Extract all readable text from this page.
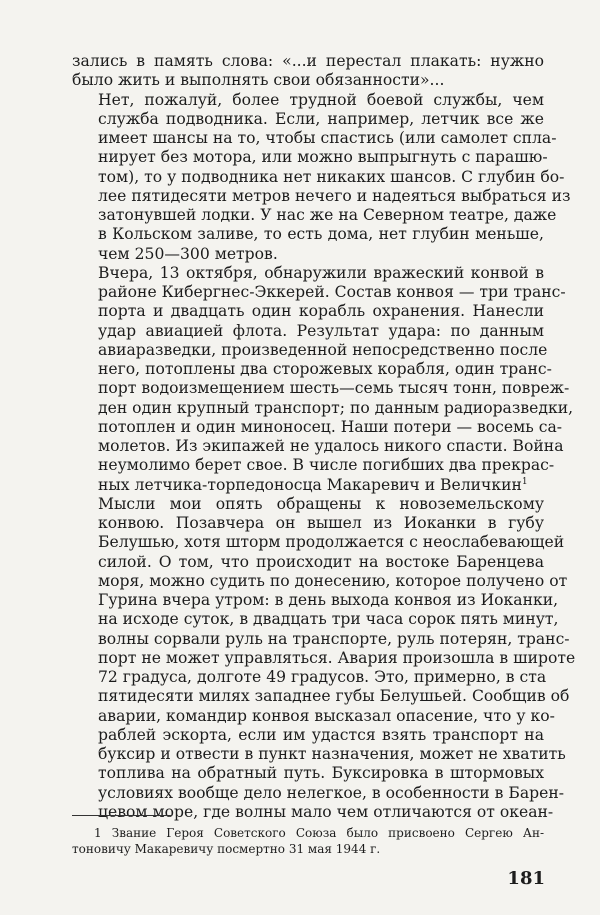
зались в память слова: «...и перестал плакать: нужно
было жить и выполнять свои обязанности»...

Нет, пожалуй, более трудной боевой службы, чем
служба подводника. Если, например, летчик все же
имеет шансы на то, чтобы спастись (или самолет спла-
нирует без мотора, или можно выпрыгнуть с парашю-
том), то у подводника нет никаких шансов. С глубин бо-
лее пятидесяти метров нечего и надеяться выбраться из
затонувшей лодки. У нас же на Северном театре, даже
в Кольском заливе, то есть дома, нет глубин меньше,
чем 250—300 метров.

Вчера, 13 октября, обнаружили вражеский конвой в
районе Кибергнес-Эккерей. Состав конвоя — три транс-
порта и двадцать один корабль охранения. Нанесли
удар авиацией флота. Результат удара: по данным
авиаразведки, произведенной непосредственно после
него, потоплены два сторожевых корабля, один транс-
порт водоизмещением шесть—семь тысяч тонн, повреж-
ден один крупный транспорт; по данным радиоразведки,
потоплен и один миноносец. Наши потери — восемь са-
молетов. Из экипажей не удалось никого спасти. Война
неумолимо берет свое. В числе погибших два прекрас-
ных летчика-торпедоносца Макаревич и Величкин$^1$

Мысли мои опять обращены к новоземельскому
конвою. Позавчера он вышел из Иоканки в губу
Белушью, хотя шторм продолжается с неослабевающей
силой. О том, что происходит на востоке Баренцева
моря, можно судить по донесению, которое получено от
Гурина вчера утром: в день выхода конвоя из Иоканки,
на исходе суток, в двадцать три часа сорок пять минут,
волны сорвали руль на транспорте, руль потерян, транс-
порт не может управляться. Авария произошла в широте
72 градуса, долготе 49 градусов. Это, примерно, в ста
пятидесяти милях западнее губы Белушьей. Сообщив об
аварии, командир конвоя высказал опасение, что у ко-
раблей эскорта, если им удастся взять транспорт на
буксир и отвести в пункт назначения, может не хватить
топлива на обратный путь. Буксировка в штормовых
условиях вообще дело нелегкое, в особенности в Барен-
цевом море, где волны мало чем отличаются от океан-

1 Звание Героя Советского Союза было присвоено Сергею Ан-
тоновичу Макаревичу посмертно 31 мая 1944 г.
181
